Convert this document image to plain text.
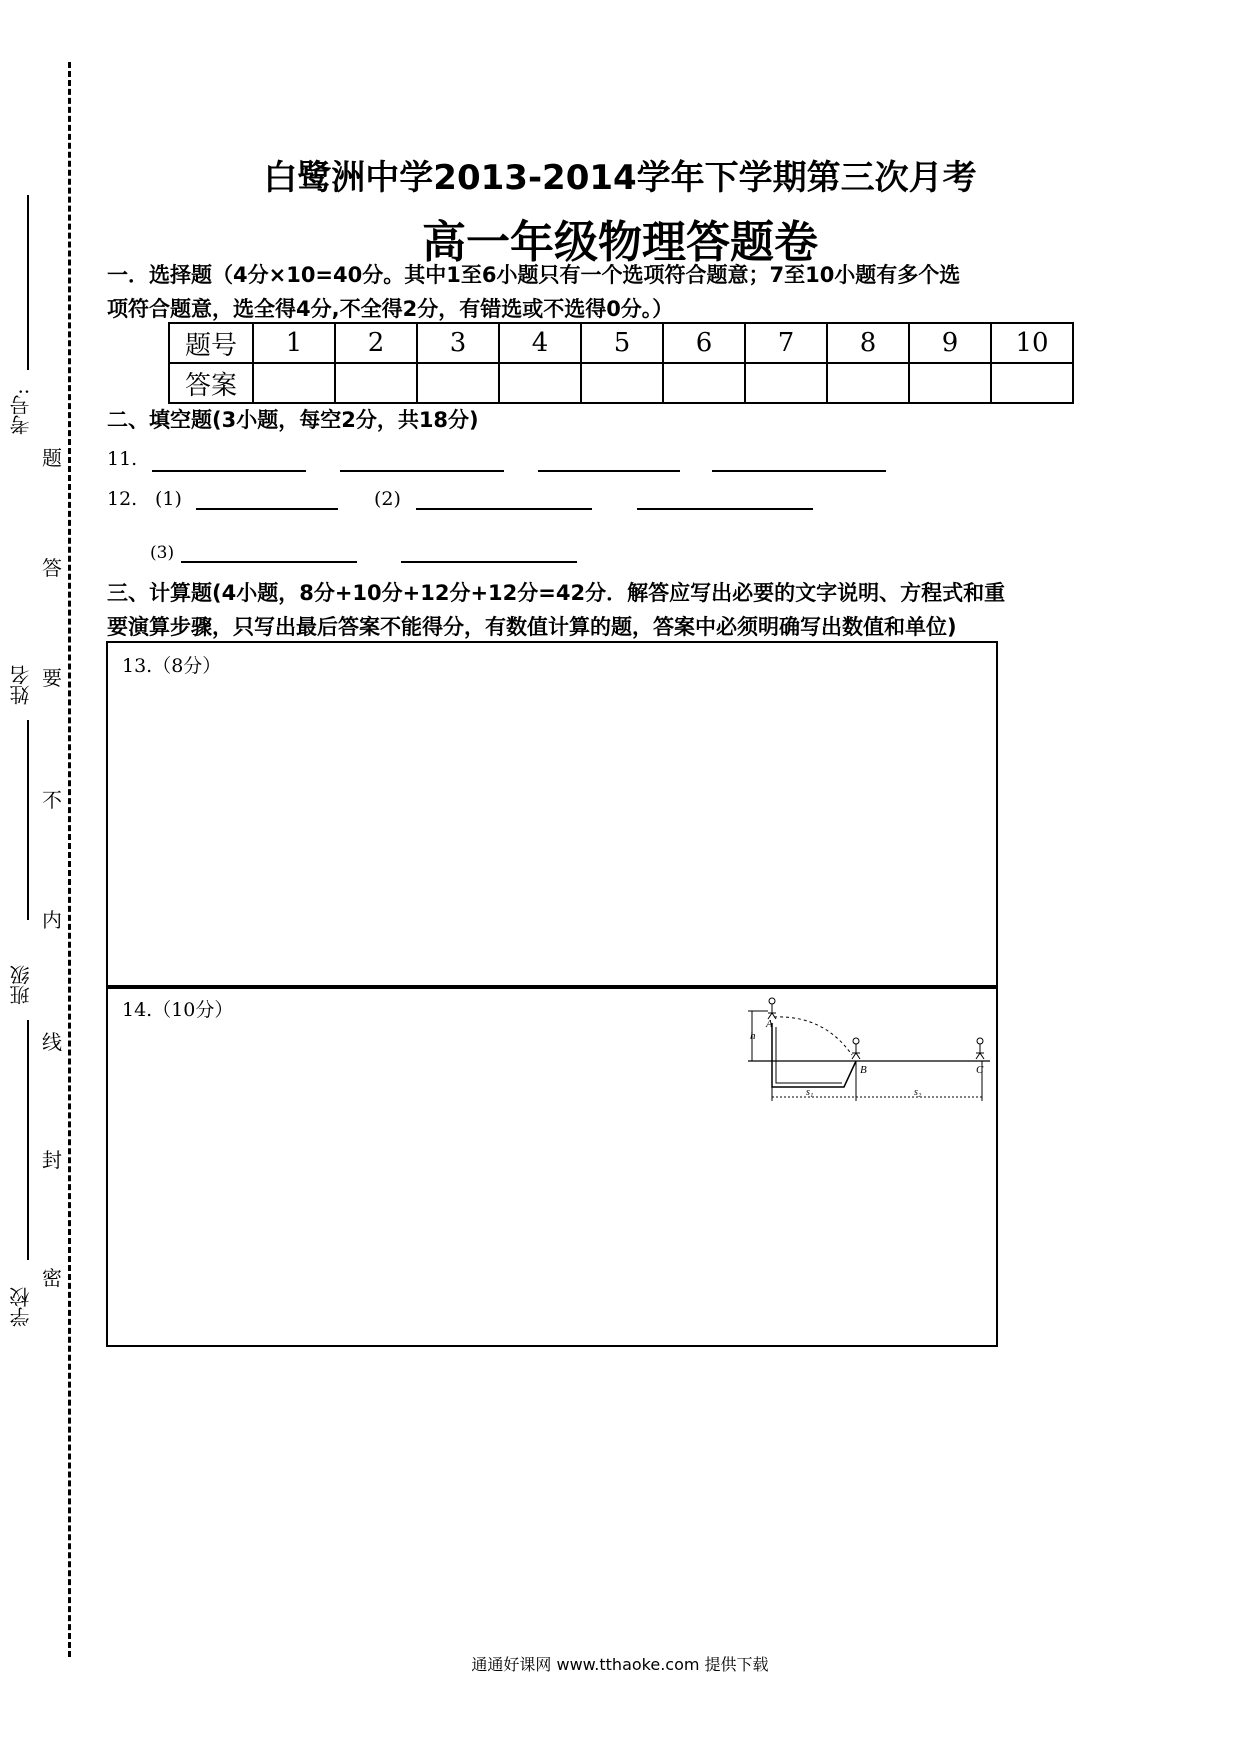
题
答
要
不
内
线
封
密
考号:
姓名
班级
学校
白鹭洲中学2013-2014学年下学期第三次月考
高一年级物理答题卷
一．选择题（4分×10=40分。其中1至6小题只有一个选项符合题意；7至10小题有多个选
项符合题意，选全得4分,不全得2分，有错选或不选得0分。）
题号	1	2	3	4	5	6	7	8	9	10
答案										
二、填空题(3小题，每空2分，共18分)
11.
12. (1)	(2)
(3)
三、计算题(4小题，8分+10分+12分+12分=42分．解答应写出必要的文字说明、方程式和重
要演算步骤，只写出最后答案不能得分，有数值计算的题，答案中必须明确写出数值和单位)
13.（8分）
14.（10分）
h
A
B	C
s₁	s₂
通通好课网 www.tthaoke.com 提供下载
